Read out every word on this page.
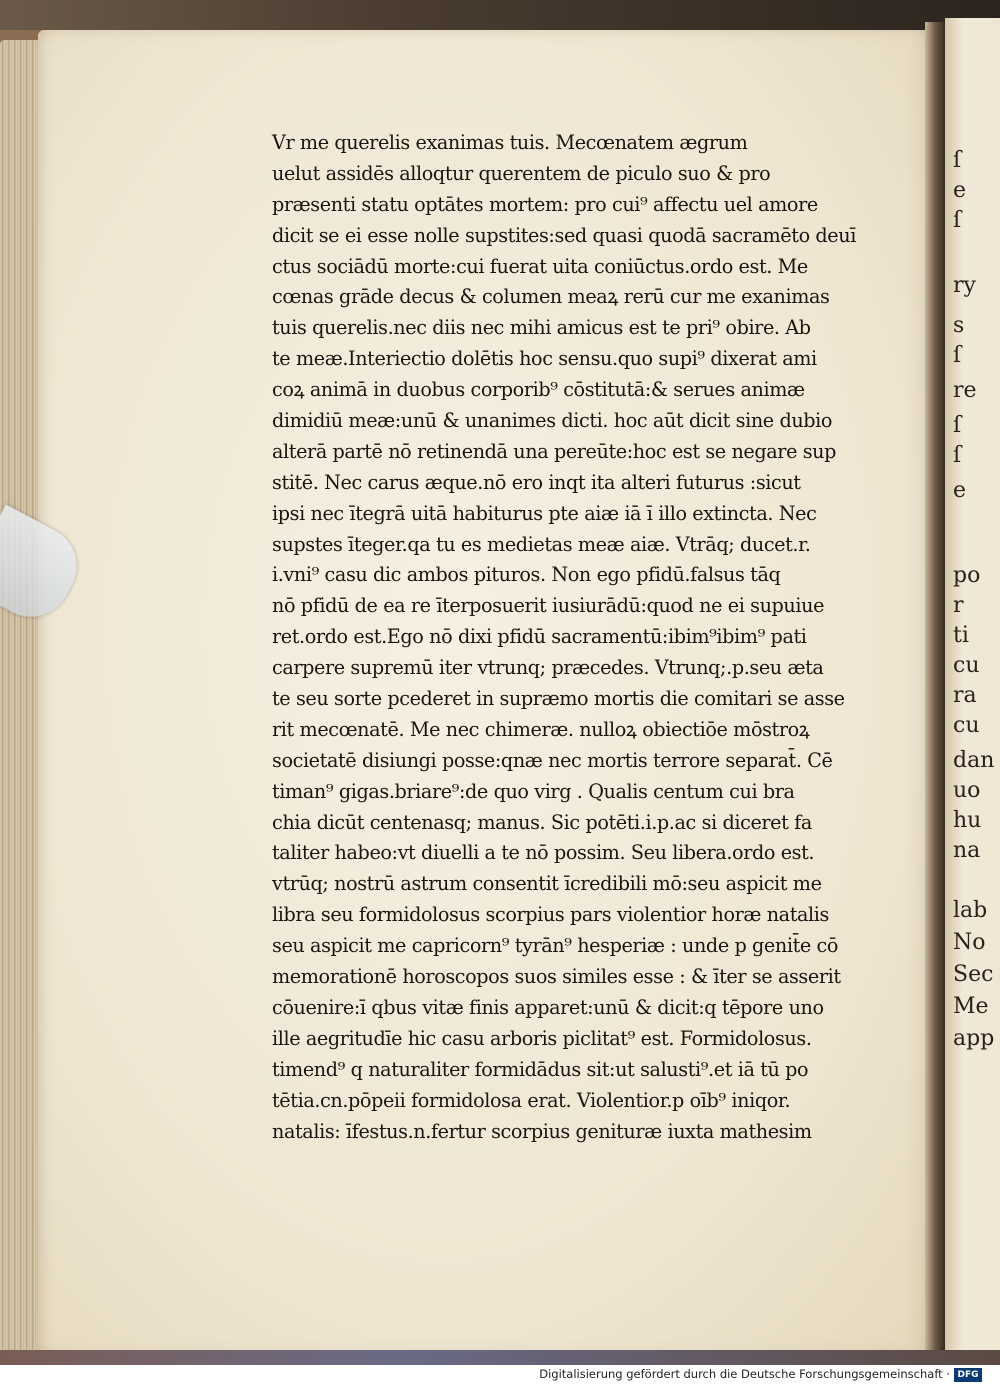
ſ
e
ſ
ry
s
ſ
re
ſ
ſ
e
po
r
ti
cu
ra
cu
dan
uo
hu
na
lab
No
Sec
Me
app
Vr me querelis exanimas tuis. Mecœnatem ægrum
uelut assidēs alloqtur querentem de piculo suo & pro
præsenti statu optātes mortem: pro cui⁹ affectu uel amore
dicit se ei esse nolle supstites:sed quasi quodā sacramēto deuī
ctus sociādū morte:cui fuerat uita coniūctus.ordo est. Me
cœnas grāde decus & columen meaꝝ rerū cur me exanimas
tuis querelis.nec diis nec mihi amicus est te pri⁹ obire. Ab
te meæ.Interiectio dolētis hoc sensu.quo supi⁹ dixerat ami
coꝝ animā in duobus corporib⁹ cōstitutā:& serues animæ
dimidiū meæ:unū & unanimes dicti. hoc aūt dicit sine dubio
alterā partē nō retinendā una pereūte:hoc est se negare sup
stitē. Nec carus æque.nō ero inqt ita alteri futurus :sicut
ipsi nec ītegrā uitā habiturus pte aiæ iā ī illo extincta. Nec
supstes īteger.qa tu es medietas meæ aiæ. Vtrāq; ducet.r.
i.vni⁹ casu dic ambos pituros. Non ego pfidū.falsus tāq
nō pfidū de ea re īterposuerit iusiurādū:quod ne ei supuiue
ret.ordo est.Ego nō dixi pfidū sacramentū:ibim⁹ibim⁹ pati
carpere supremū iter vtrunq; præcedes. Vtrunq;.p.seu æta
te seu sorte pcederet in supræmo mortis die comitari se asse
rit mecœnatē. Me nec chimeræ. nulloꝝ obiectiōe mōstroꝝ
societatē disiungi posse:qnæ nec mortis terrore separat̄. Cē
timan⁹ gigas.briare⁹:de quo virg . Qualis centum cui bra
chia dicūt centenasq; manus. Sic potēti.i.p.ac si diceret fa
taliter habeo:vt diuelli a te nō possim. Seu libera.ordo est.
vtrūq; nostrū astrum consentit īcredibili mō:seu aspicit me
libra seu formidolosus scorpius pars violentior horæ natalis
seu aspicit me capricorn⁹ tyrān⁹ hesperiæ : unde p genit̄e cō
memorationē horoscopos suos similes esse : & īter se asserit
cōuenire:ī qbus vitæ finis apparet:unū & dicit:q tēpore uno
ille aegritudīe hic casu arboris piclitat⁹ est. Formidolosus.
timend⁹ q naturaliter formidādus sit:ut salusti⁹.et iā tū po
tētia.cn.pōpeii formidolosa erat. Violentior.p oīb⁹ iniqor.
natalis: īfestus.n.fertur scorpius genituræ iuxta mathesim
Digitalisierung gefördert durch die Deutsche Forschungsgemeinschaft · DFG
